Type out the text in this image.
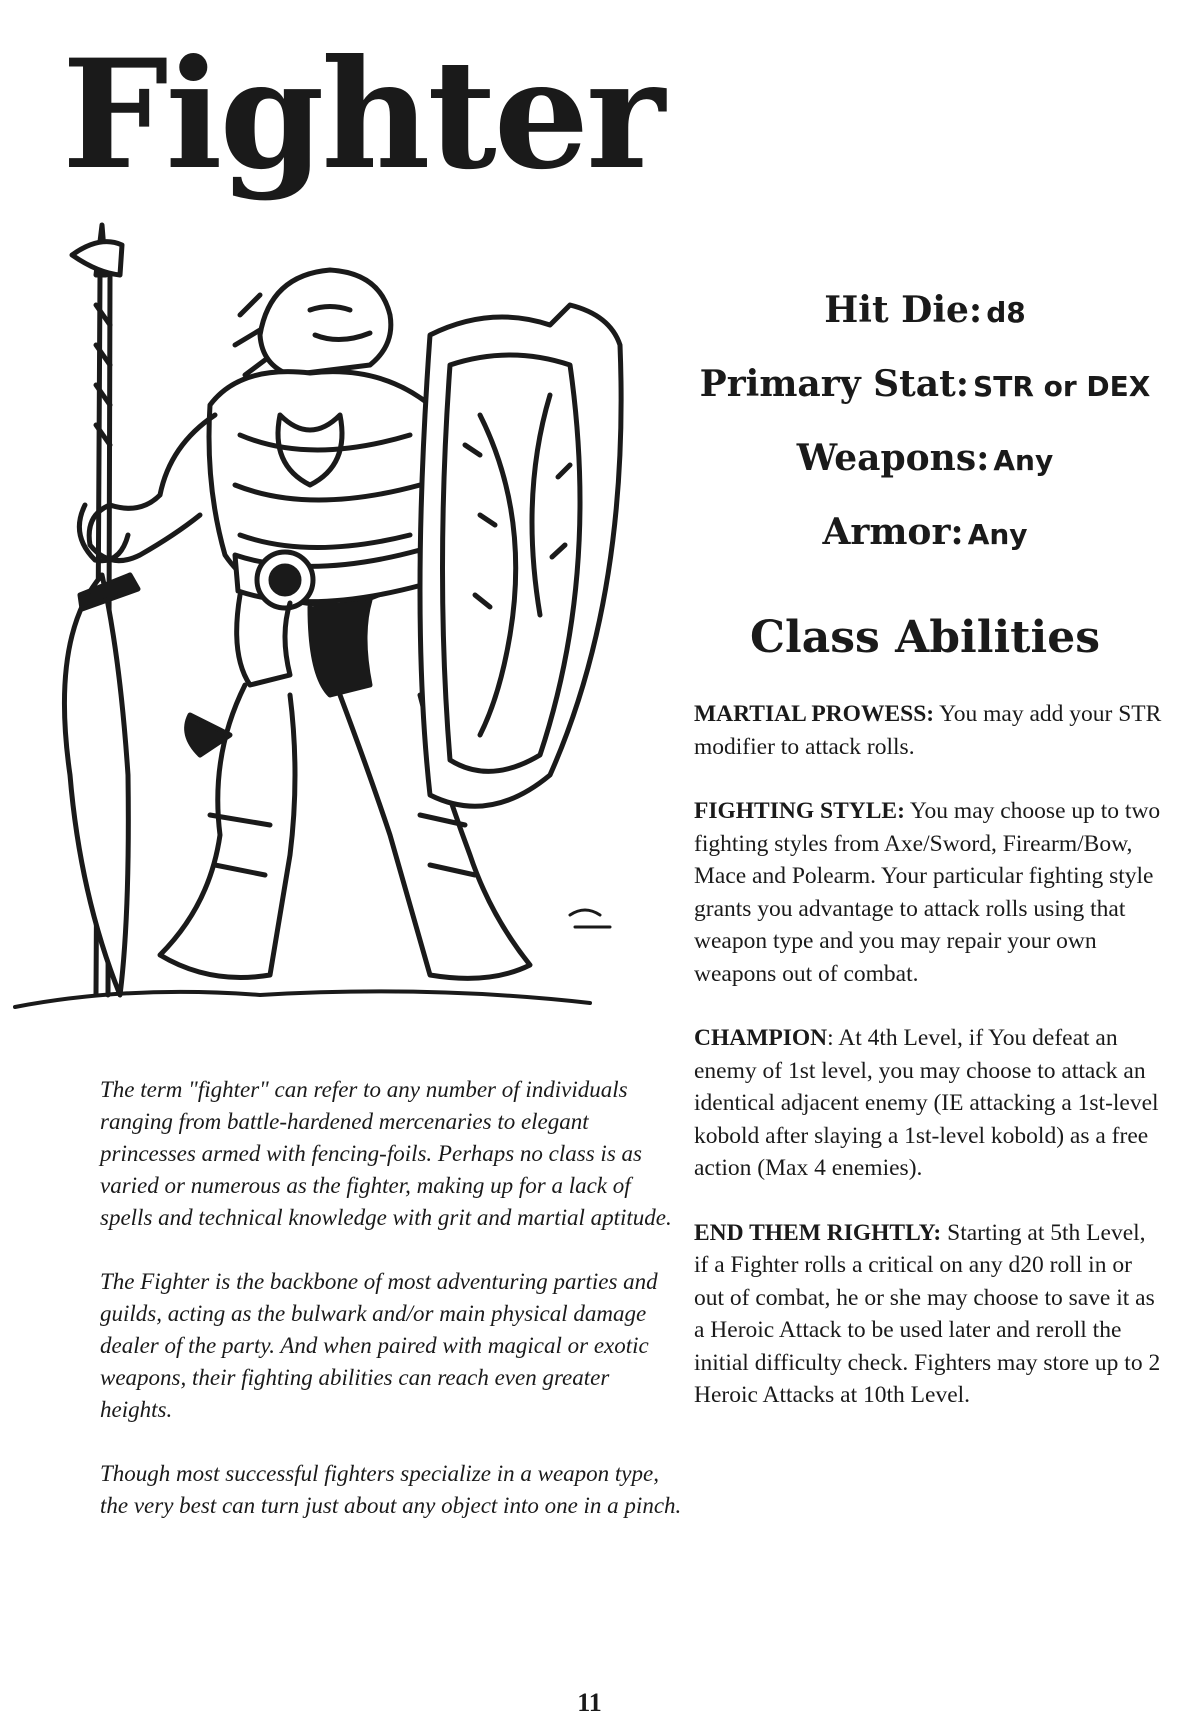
Fighter
Hit Die: d8
Primary Stat: STR or DEX
Weapons: Any
Armor: Any
Class Abilities

MARTIAL PROWESS: You may add your STR modifier to attack rolls.

FIGHTING STYLE: You may choose up to two fighting styles from Axe/Sword, Firearm/Bow, Mace and Polearm. Your particular fighting style grants you advantage to attack rolls using that weapon type and you may repair your own weapons out of combat.

CHAMPION: At 4th Level, if You defeat an enemy of 1st level, you may choose to attack an identical adjacent enemy (IE attacking a 1st-level kobold after slaying a 1st-level kobold) as a free action (Max 4 enemies).

END THEM RIGHTLY: Starting at 5th Level, if a Fighter rolls a critical on any d20 roll in or out of combat, he or she may choose to save it as a Heroic Attack to be used later and reroll the initial difficulty check. Fighters may store up to 2 Heroic Attacks at 10th Level.

The term "fighter" can refer to any number of individuals ranging from battle-hardened mercenaries to elegant princesses armed with fencing-foils. Perhaps no class is as varied or numerous as the fighter, making up for a lack of spells and technical knowledge with grit and martial aptitude.

The Fighter is the backbone of most adventuring parties and guilds, acting as the bulwark and/or main physical damage dealer of the party. And when paired with magical or exotic weapons, their fighting abilities can reach even greater heights.

Though most successful fighters specialize in a weapon type, the very best can turn just about any object into one in a pinch.

11
